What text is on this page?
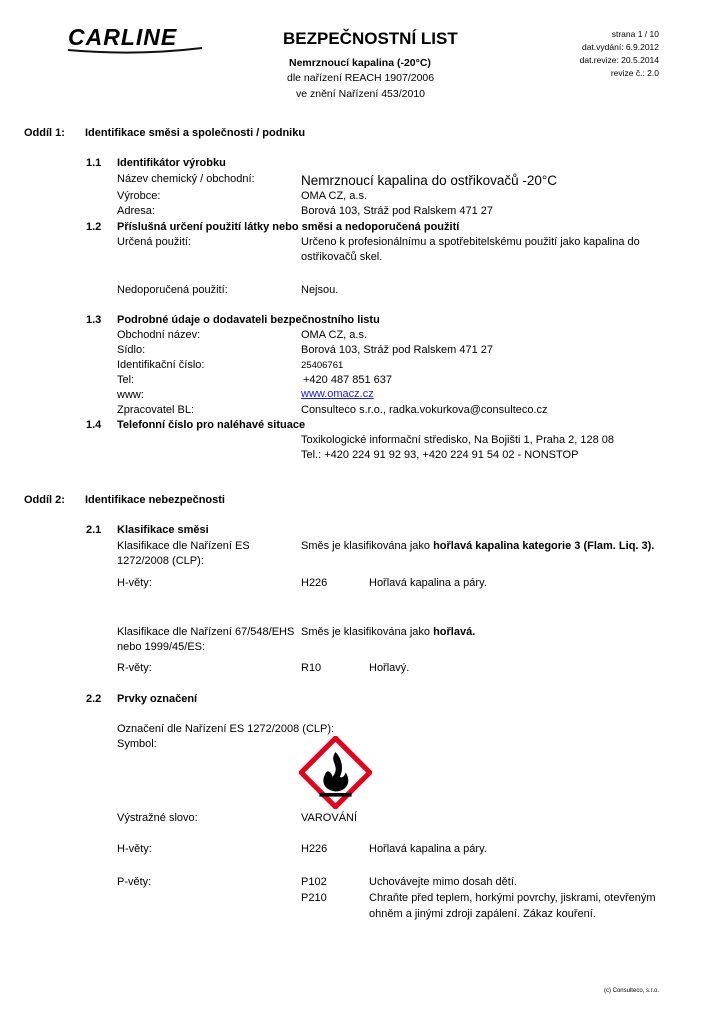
CARLINE	BEZPEČNOSTNÍ LIST
Nemrznoucí kapalina (-20°C)
dle nařízení REACH 1907/2006
ve znění Nařízení 453/2010
strana 1 / 10
dat.vydání: 6.9.2012
dat.revize: 20.5.2014
revize č.: 2.0
Oddíl 1: Identifikace směsi a společnosti / podniku
1.1 Identifikátor výrobku
Název chemický / obchodní:	Nemrznoucí kapalina do ostřikovačů -20°C
Výrobce:	OMA CZ, a.s.
Adresa:	Borová 103, Stráž pod Ralskem 471 27
1.2 Příslušná určení použití látky nebo směsi a nedoporučená použití
Určená použití:	Určeno k profesionálnímu a spotřebitelskému použití jako kapalina do
ostřikovačů skel.
Nedoporučená použití:	Nejsou.
1.3 Podrobné údaje o dodavateli bezpečnostního listu
Obchodní název:	OMA CZ, a.s.
Sídlo:	Borová 103, Stráž pod Ralskem 471 27
Identifikační číslo:	25406761
Tel:	+420 487 851 637
www:	www.omacz.cz
Zpracovatel BL:	Consulteco s.r.o., radka.vokurkova@consulteco.cz
1.4 Telefonní číslo pro naléhavé situace
Toxikologické informační středisko, Na Bojišti 1, Praha 2, 128 08
Tel.: +420 224 91 92 93, +420 224 91 54 02 - NONSTOP
Oddíl 2: Identifikace nebezpečnosti
2.1 Klasifikace směsi
Klasifikace dle Nařízení ES
1272/2008 (CLP):
Směs je klasifikována jako hořlavá kapalina kategorie 3 (Flam. Liq. 3).
H-věty:	H226	Hořlavá kapalina a páry.
Klasifikace dle Nařízení 67/548/EHS
nebo 1999/45/ES:
Směs je klasifikována jako hořlavá.
R-věty:	R10	Hořlavý.
2.2 Prvky označení
Označení dle Nařízení ES 1272/2008 (CLP):
Symbol:
Výstražné slovo:	VAROVÁNÍ
H-věty:	H226	Hořlavá kapalina a páry.
P-věty:	P102	Uchovávejte mimo dosah dětí.
P210	Chraňte před teplem, horkými povrchy, jiskrami, otevřeným
ohněm a jinými zdroji zapálení. Zákaz kouření.
(c) Consulteco, s.r.o.
